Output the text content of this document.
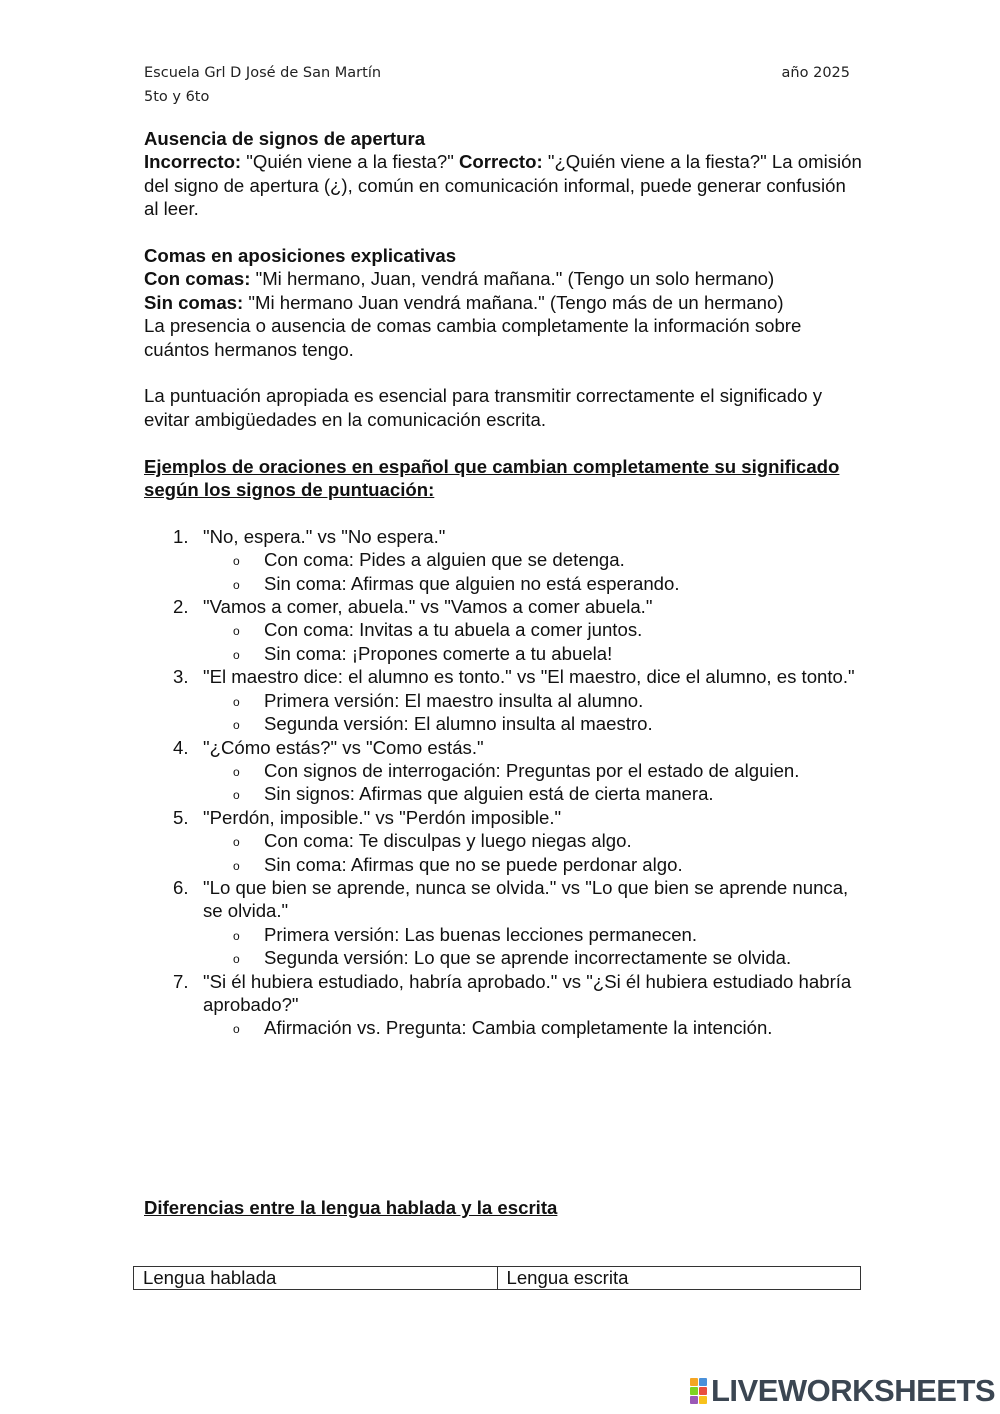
Escuela Grl D José de San Martín	año 2025
5to y 6to

Ausencia de signos de apertura

Incorrecto: "Quién viene a la fiesta?" Correcto: "¿Quién viene a la fiesta?" La omisión del signo de apertura (¿), común en comunicación informal, puede generar confusión al leer.

Comas en aposiciones explicativas

Con comas: "Mi hermano, Juan, vendrá mañana." (Tengo un solo hermano)

Sin comas: "Mi hermano Juan vendrá mañana." (Tengo más de un hermano)

La presencia o ausencia de comas cambia completamente la información sobre cuántos hermanos tengo.

La puntuación apropiada es esencial para transmitir correctamente el significado y evitar ambigüedades en la comunicación escrita.

Ejemplos de oraciones en español que cambian completamente su significado según los signos de puntuación:

1. "No, espera." vs "No espera."
o Con coma: Pides a alguien que se detenga.
o Sin coma: Afirmas que alguien no está esperando.
2. "Vamos a comer, abuela." vs "Vamos a comer abuela."
o Con coma: Invitas a tu abuela a comer juntos.
o Sin coma: ¡Propones comerte a tu abuela!
3. "El maestro dice: el alumno es tonto." vs "El maestro, dice el alumno, es tonto."
o Primera versión: El maestro insulta al alumno.
o Segunda versión: El alumno insulta al maestro.
4. "¿Cómo estás?" vs "Como estás."
o Con signos de interrogación: Preguntas por el estado de alguien.
o Sin signos: Afirmas que alguien está de cierta manera.
5. "Perdón, imposible." vs "Perdón imposible."
o Con coma: Te disculpas y luego niegas algo.
o Sin coma: Afirmas que no se puede perdonar algo.
6. "Lo que bien se aprende, nunca se olvida." vs "Lo que bien se aprende nunca, se olvida."
o Primera versión: Las buenas lecciones permanecen.
o Segunda versión: Lo que se aprende incorrectamente se olvida.
7. "Si él hubiera estudiado, habría aprobado." vs "¿Si él hubiera estudiado habría aprobado?"
o Afirmación vs. Pregunta: Cambia completamente la intención.
Diferencias entre la lengua hablada y la escrita
Lengua hablada	Lengua escrita
LIVEWORKSHEETS
